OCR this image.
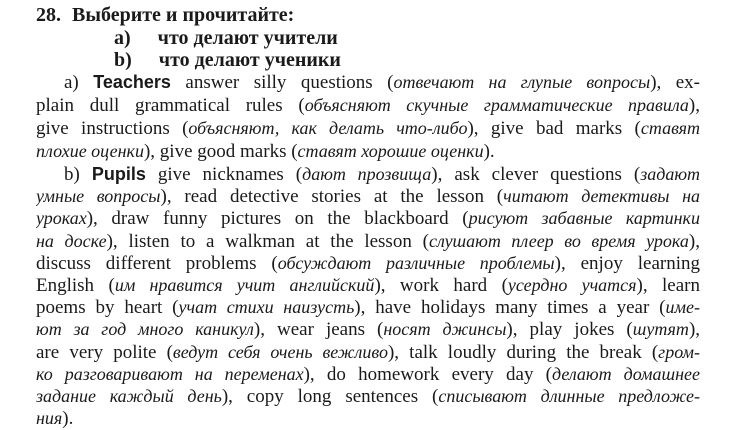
28. Выберите и прочитайте:
a) что делают учители
b) что делают ученики
a) Teachers answer silly questions (отвечают на глупые вопросы), ex-
plain dull grammatical rules (объясняют скучные грамматические правила),
give instructions (объясняют, как делать что-либо), give bad marks (ставят
плохие оценки), give good marks (ставят хорошие оценки).
b) Pupils give nicknames (дают прозвища), ask clever questions (задают
умные вопросы), read detective stories at the lesson (читают детективы на
уроках), draw funny pictures on the blackboard (рисуют забавные картинки
на доске), listen to a walkman at the lesson (слушают плеер во время урока),
discuss different problems (обсуждают различные проблемы), enjoy learning
English (им нравится учит английский), work hard (усердно учатся), learn
poems by heart (учат стихи наизусть), have holidays many times a year (име-
ют за год много каникул), wear jeans (носят джинсы), play jokes (шутят),
are very polite (ведут себя очень вежливо), talk loudly during the break (гром-
ко разговаривают на переменах), do homework every day (делают домашнее
задание каждый день), copy long sentences (списывают длинные предложе-
ния).
